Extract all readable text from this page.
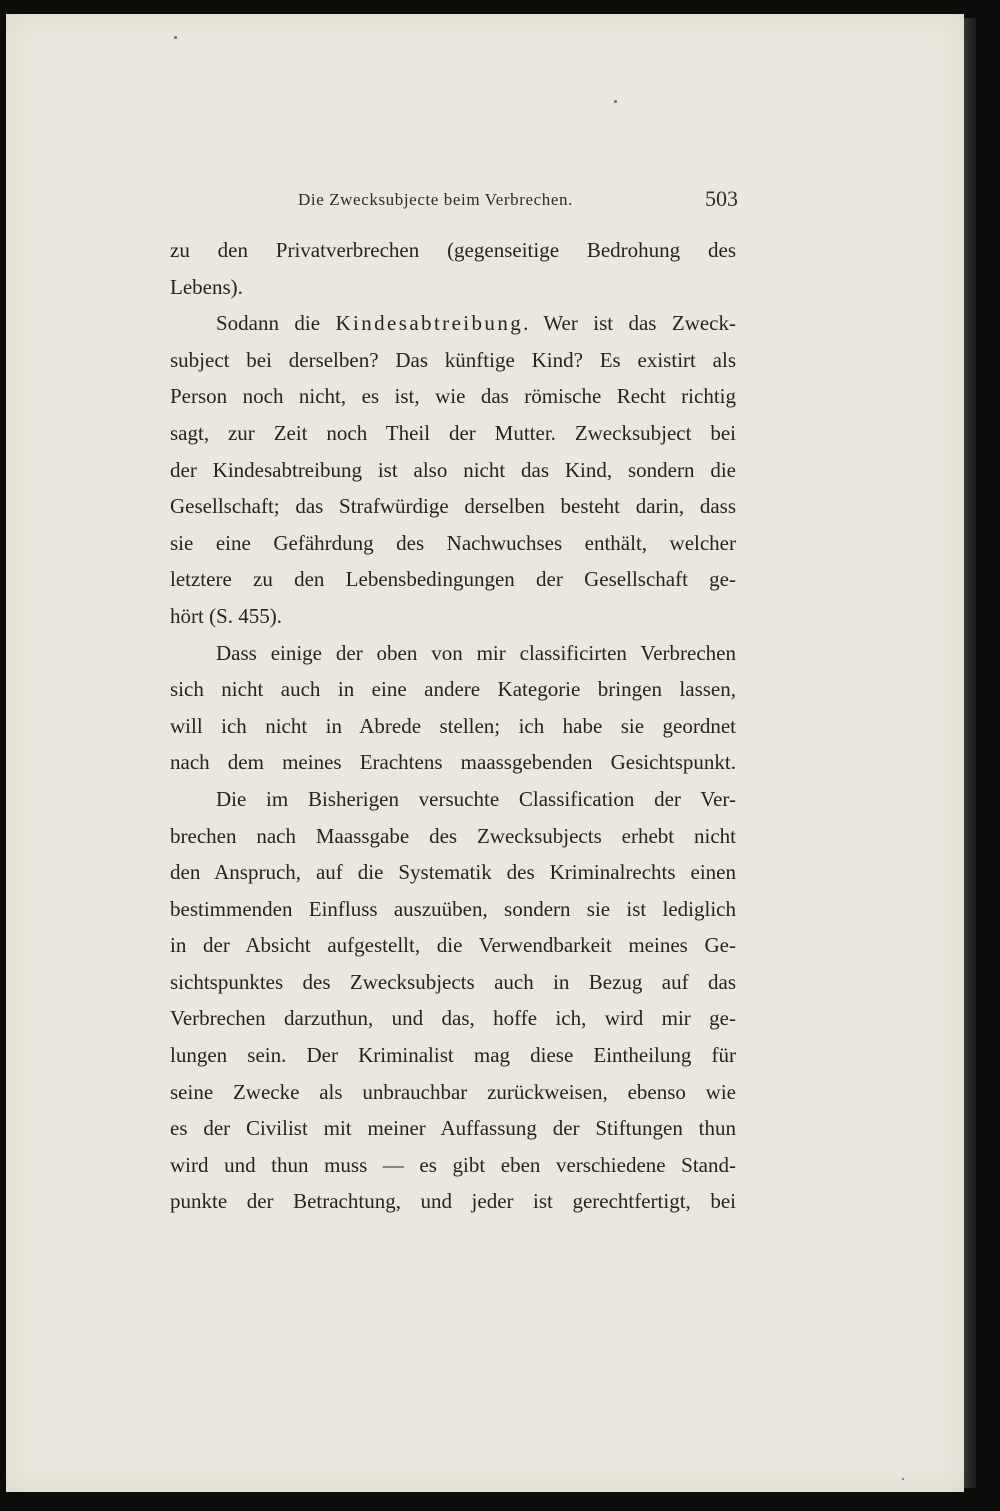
Die Zwecksubjecte beim Verbrechen.	503
zu den Privatverbrechen (gegenseitige Bedrohung des
Lebens).
Sodann die Kindesabtreibung. Wer ist das Zweck-
subject bei derselben? Das künftige Kind? Es existirt als
Person noch nicht, es ist, wie das römische Recht richtig
sagt, zur Zeit noch Theil der Mutter. Zwecksubject bei
der Kindesabtreibung ist also nicht das Kind, sondern die
Gesellschaft; das Strafwürdige derselben besteht darin, dass
sie eine Gefährdung des Nachwuchses enthält, welcher
letztere zu den Lebensbedingungen der Gesellschaft ge-
hört (S. 455).
Dass einige der oben von mir classificirten Verbrechen
sich nicht auch in eine andere Kategorie bringen lassen,
will ich nicht in Abrede stellen; ich habe sie geordnet
nach dem meines Erachtens maassgebenden Gesichtspunkt.
Die im Bisherigen versuchte Classification der Ver-
brechen nach Maassgabe des Zwecksubjects erhebt nicht
den Anspruch, auf die Systematik des Kriminalrechts einen
bestimmenden Einfluss auszuüben, sondern sie ist lediglich
in der Absicht aufgestellt, die Verwendbarkeit meines Ge-
sichtspunktes des Zwecksubjects auch in Bezug auf das
Verbrechen darzuthun, und das, hoffe ich, wird mir ge-
lungen sein. Der Kriminalist mag diese Eintheilung für
seine Zwecke als unbrauchbar zurückweisen, ebenso wie
es der Civilist mit meiner Auffassung der Stiftungen thun
wird und thun muss — es gibt eben verschiedene Stand-
punkte der Betrachtung, und jeder ist gerechtfertigt, bei
